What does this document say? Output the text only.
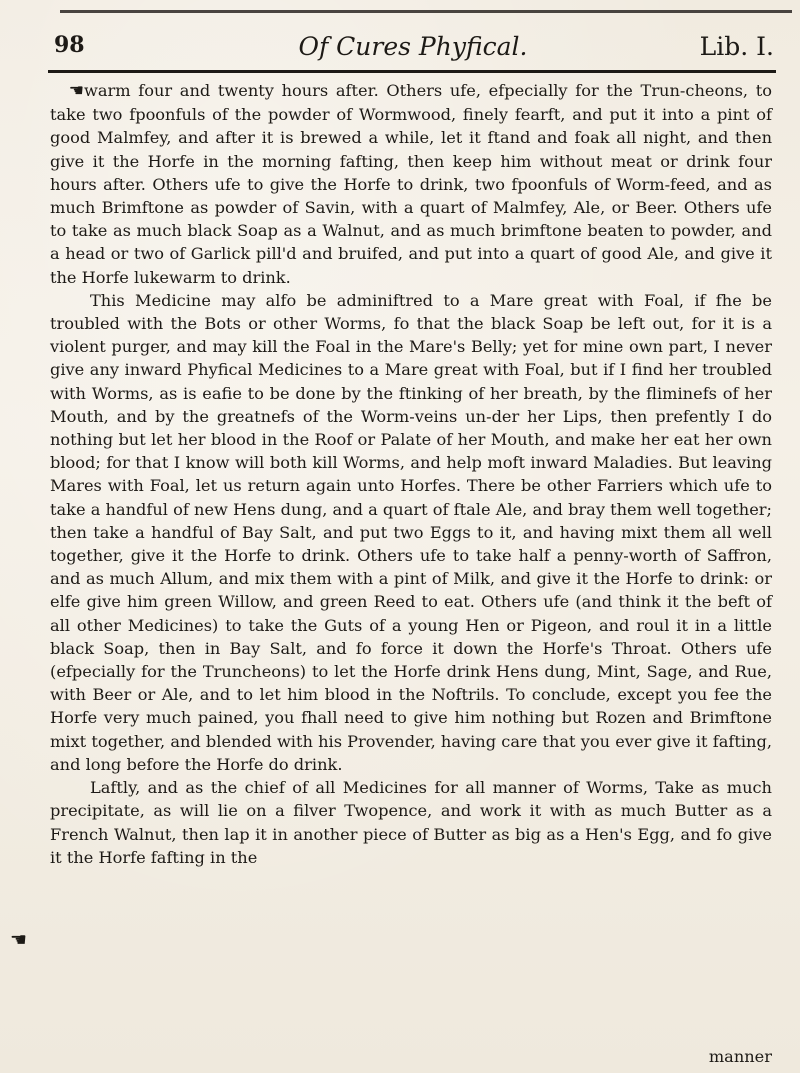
98	Of Cures Phyfical.	Lib. I.

☛warm four and twenty hours after. Others ufe, efpecially for the Trun-cheons, to take two fpoonfuls of the powder of Wormwood, finely fearft, and put it into a pint of good Malmfey, and after it is brewed a while, let it ftand and foak all night, and then give it the Horfe in the morning fafting, then keep him without meat or drink four hours after. Others ufe to give the Horfe to drink, two fpoonfuls of Worm-feed, and as much Brimftone as powder of Savin, with a quart of Malmfey, Ale, or Beer. Others ufe to take as much black Soap as a Walnut, and as much brimftone beaten to powder, and a head or two of Garlick pill'd and bruifed, and put into a quart of good Ale, and give it the Horfe lukewarm to drink.

This Medicine may alfo be adminiftred to a Mare great with Foal, if fhe be troubled with the Bots or other Worms, fo that the black Soap be left out, for it is a violent purger, and may kill the Foal in the Mare's Belly; yet for mine own part, I never give any inward Phyfical Medicines to a Mare great with Foal, but if I find her troubled with Worms, as is eafie to be done by the ftinking of her breath, by the fliminefs of her Mouth, and by the greatnefs of the Worm-veins un-der her Lips, then prefently I do nothing but let her blood in the Roof or Palate of her Mouth, and make her eat her own blood; for that I know will both kill Worms, and help moft inward Maladies. But leaving Mares with Foal, let us return again unto Horfes. There be other Farriers which ufe to take a handful of new Hens dung, and a quart of ftale Ale, and bray them well together; then take a handful of Bay Salt, and put two Eggs to it, and having mixt them all well together, give it the Horfe to drink. Others ufe to take half a penny-worth of Saffron, and as much Allum, and mix them with a pint of Milk, and give it the Horfe to drink: or elfe give him green Willow, and green Reed to eat. Others ufe (and think it the beft of all other Medicines) to take the Guts of a young Hen or Pigeon, and roul it in a little black Soap, then in Bay Salt, and fo force it down the Horfe's Throat. Others ufe (efpecially for the Truncheons) to let the Horfe drink Hens dung, Mint, Sage, and Rue, with Beer or Ale, and to let him blood in the Noftrils. To conclude, except you fee the Horfe very much pained, you fhall need to give him nothing but Rozen and Brimftone mixt together, and blended with his Provender, having care that you ever give it fafting, and long before the Horfe do drink.

Laftly, and as the chief of all Medicines for all manner of Worms, Take as much precipitate, as will lie on a filver Twopence, and work it with as much Butter as a French Walnut, then lap it in another piece of Butter as big as a Hen's Egg, and fo give it the Horfe fafting in the

☛
manner
